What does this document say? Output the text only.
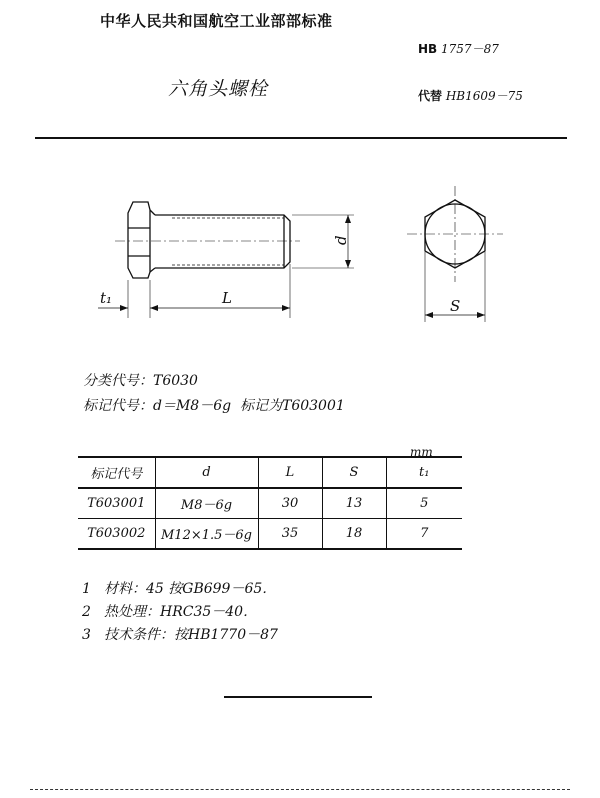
中华人民共和国航空工业部部标准
HB 1757－87
六角头螺栓	代替 HB1609－75
t₁	L
d
S
分类代号：T6030
标记代号：d＝M8－6g 标记为T603001
mm
标记代号	d	L	S	t₁
T603001	M8－6g	30	13	5
T603002	M12×1.5－6g	35	18	7
1 材料：45 按GB699－65．
2 热处理：HRC35－40．
3 技术条件：按HB1770－87
